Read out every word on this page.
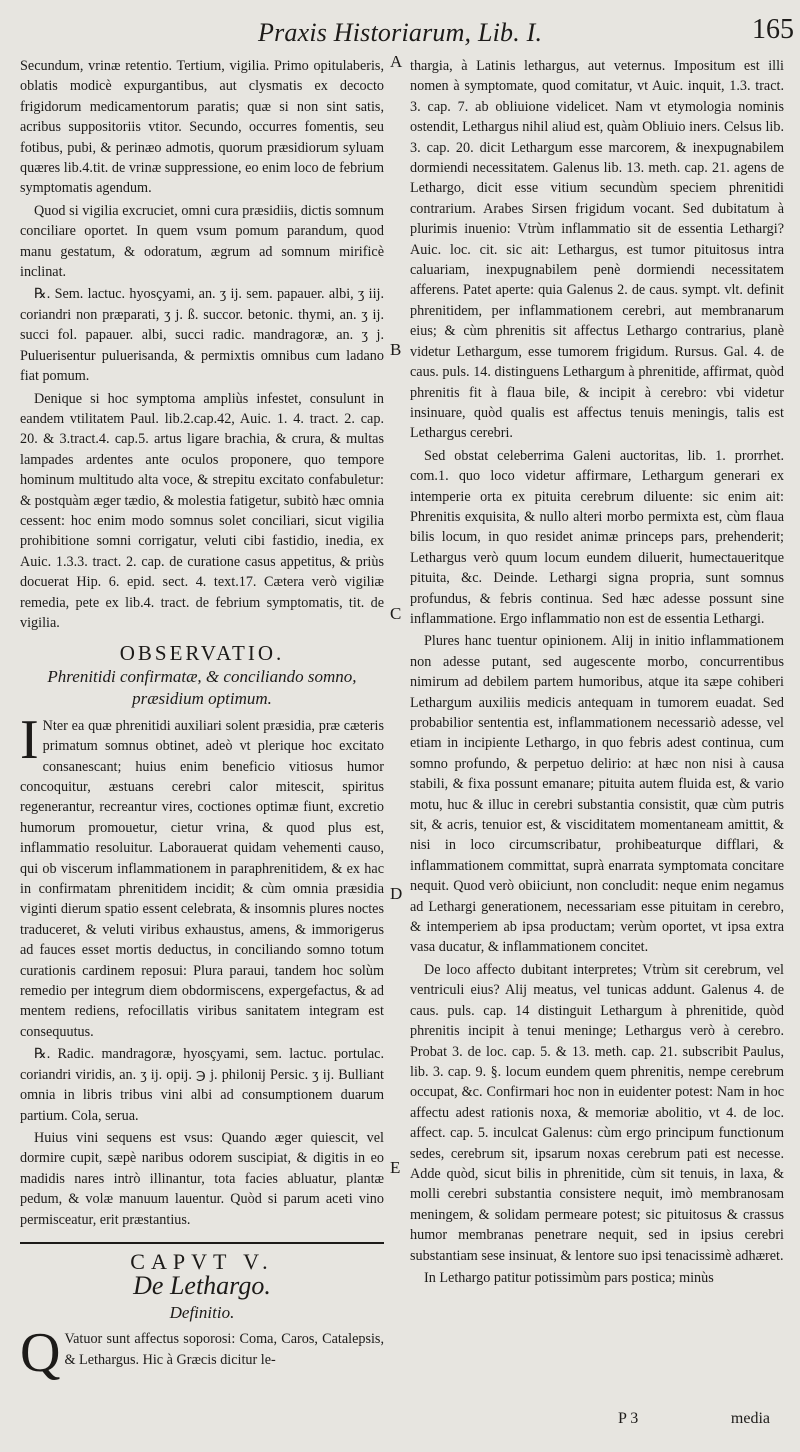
Praxis Historiarum, Lib. I.	165

Secundum, vrinæ retentio. Tertium, vigilia. Primo opitulaberis, oblatis modicè expurgantibus, aut clysmatis ex decocto frigidorum medicamentorum paratis; quæ si non sint satis, acribus suppositoriis vtitor. Secundo, occurres fomentis, seu fotibus, pubi, & perinæo admotis, quorum præsidiorum syluam quæres lib.4.tit. de vrinæ suppressione, eo enim loco de febrium symptomatis agendum.

Quod si vigilia excruciet, omni cura præsidiis, dictis somnum conciliare oportet. In quem vsum pomum parandum, quod manu gestatum, & odoratum, ægrum ad somnum mirificè inclinat.

℞. Sem. lactuc. hyosçyami, an. ʒ ij. sem. papauer. albi, ʒ iij. coriandri non præparati, ʒ j. ß. succor. betonic. thymi, an. ʒ ij. succi fol. papauer. albi, succi radic. mandragoræ, an. ʒ j. Puluerisentur puluerisanda, & permixtis omnibus cum ladano fiat pomum.

Denique si hoc symptoma ampliùs infestet, consulunt in eandem vtilitatem Paul. lib.2.cap.42, Auic. 1. 4. tract. 2. cap. 20. & 3.tract.4. cap.5. artus ligare brachia, & crura, & multas lampades ardentes ante oculos proponere, quo tempore hominum multitudo alta voce, & strepitu excitato confabuletur: & postquàm æger tædio, & molestia fatigetur, subitò hæc omnia cessent: hoc enim modo somnus solet conciliari, sicut vigilia prohibitione somni corrigatur, veluti cibi fastidio, inedia, ex Auic. 1.3.3. tract. 2. cap. de curatione casus appetitus, & priùs docuerat Hip. 6. epid. sect. 4. text.17. Cætera verò vigiliæ remedia, pete ex lib.4. tract. de febrium symptomatis, tit. de vigilia.

OBSERVATIO.
Phrenitidi confirmatæ, & conciliando somno, præsidium optimum.

I Nter ea quæ phrenitidi auxiliari solent præsidia, præ cæteris primatum somnus obtinet, adeò vt plerique hoc excitato consanescant; huius enim beneficio vitiosus humor concoquitur, æstuans cerebri calor mitescit, spiritus regenerantur, recreantur vires, coctiones optimæ fiunt, excretio humorum promouetur, cietur vrina, & quod plus est, inflammatio resoluitur. Laborauerat quidam vehementi causo, qui ob viscerum inflammationem in paraphrenitidem, & ex hac in confirmatam phrenitidem incidit; & cùm omnia præsidia viginti dierum spatio essent celebrata, & insomnis plures noctes traduceret, & veluti viribus exhaustus, amens, & immorigerus ad fauces esset mortis deductus, in conciliando somno totum curationis cardinem reposui: Plura paraui, tandem hoc solùm remedio per integrum diem obdormiscens, expergefactus, & ad mentem rediens, refocillatis viribus sanitatem integram est consequutus.

℞. Radic. mandragoræ, hyosçyami, sem. lactuc. portulac. coriandri viridis, an. ʒ ij. opij. ℈ j. philonij Persic. ʒ ij. Bulliant omnia in libris tribus vini albi ad consumptionem duarum partium. Cola, serua.

Huius vini sequens est vsus: Quando æger quiescit, vel dormire cupit, sæpè naribus odorem suscipiat, & digitis in eo madidis nares intrò illinantur, tota facies abluatur, plantæ pedum, & volæ manuum lauentur. Quòd si parum aceti vino permisceatur, erit præstantius.

CAPVT V.
De Lethargo.
Definitio.

Q Vatuor sunt affectus soporosi: Coma, Caros, Catalepsis, & Lethargus. Hic à Græcis dicitur le-

A
B
C
D
E

thargia, à Latinis lethargus, aut veternus. Impositum est illi nomen à symptomate, quod comitatur, vt Auic. inquit, 1.3. tract. 3. cap. 7. ab obliuione videlicet. Nam vt etymologia nominis ostendit, Lethargus nihil aliud est, quàm Obliuio iners. Celsus lib. 3. cap. 20. dicit Lethargum esse marcorem, & inexpugnabilem dormiendi necessitatem. Galenus lib. 13. meth. cap. 21. agens de Lethargo, dicit esse vitium secundùm speciem phrenitidi contrarium. Arabes Sirsen frigidum vocant. Sed dubitatum à plurimis inuenio: Vtrùm inflammatio sit de essentia Lethargi? Auic. loc. cit. sic ait: Lethargus, est tumor pituitosus intra caluariam, inexpugnabilem penè dormiendi necessitatem afferens. Patet aperte: quia Galenus 2. de caus. sympt. vlt. definit phrenitidem, per inflammationem cerebri, aut membranarum eius; & cùm phrenitis sit affectus Lethargo contrarius, planè videtur Lethargum, esse tumorem frigidum. Rursus. Gal. 4. de caus. puls. 14. distinguens Lethargum à phrenitide, affirmat, quòd phrenitis fit à flaua bile, & incipit à cerebro: vbi videtur insinuare, quòd qualis est affectus tenuis meningis, talis est Lethargus cerebri.

Sed obstat celeberrima Galeni auctoritas, lib. 1. prorrhet. com.1. quo loco videtur affirmare, Lethargum generari ex intemperie orta ex pituita cerebrum diluente: sic enim ait: Phrenitis exquisita, & nullo alteri morbo permixta est, cùm flaua bilis locum, in quo residet animæ princeps pars, prehenderit; Lethargus verò quum locum eundem diluerit, humectaueritque pituita, &c. Deinde. Lethargi signa propria, sunt somnus profundus, & febris continua. Sed hæc adesse possunt sine inflammatione. Ergo inflammatio non est de essentia Lethargi.

Plures hanc tuentur opinionem. Alij in initio inflammationem non adesse putant, sed augescente morbo, concurrentibus nimirum ad debilem partem humoribus, atque ita sæpe cohiberi Lethargum auxiliis medicis antequam in tumorem euadat. Sed probabilior sententia est, inflammationem necessariò adesse, vel etiam in incipiente Lethargo, in quo febris adest continua, cum somno profundo, & perpetuo delirio: at hæc non nisi à causa stabili, & fixa possunt emanare; pituita autem fluida est, & vario motu, huc & illuc in cerebri substantia consistit, quæ cùm putris sit, & acris, tenuior est, & visciditatem momentaneam amittit, & nisi in loco circumscribatur, prohibeaturque difflari, & inflammationem committat, suprà enarrata symptomata concitare nequit. Quod verò obiiciunt, non concludit: neque enim negamus ad Lethargi generationem, necessariam esse pituitam in cerebro, & intemperiem ab ipsa productam; verùm oportet, vt ipsa extra vasa ducatur, & inflammationem concitet.

De loco affecto dubitant interpretes; Vtrùm sit cerebrum, vel ventriculi eius? Alij meatus, vel tunicas addunt. Galenus 4. de caus. puls. cap. 14 distinguit Lethargum à phrenitide, quòd phrenitis incipit à tenui meninge; Lethargus verò à cerebro. Probat 3. de loc. cap. 5. & 13. meth. cap. 21. subscribit Paulus, lib. 3. cap. 9. §. locum eundem quem phrenitis, nempe cerebrum occupat, &c. Confirmari hoc non in euidenter potest: Nam in hoc affectu adest rationis noxa, & memoriæ abolitio, vt 4. de loc. affect. cap. 5. inculcat Galenus: cùm ergo principum functionum sedes, cerebrum sit, ipsarum noxas cerebrum pati est necesse. Adde quòd, sicut bilis in phrenitide, cùm sit tenuis, in laxa, & molli cerebri substantia consistere nequit, imò membranosam meningem, & solidam permeare potest; sic pituitosus & crassus humor membranas penetrare nequit, sed in ipsius cerebri substantiam sese insinuat, & lentore suo ipsi tenacissimè adhæret.

In Lethargo patitur potissimùm pars postica; minùs

P 3	media
